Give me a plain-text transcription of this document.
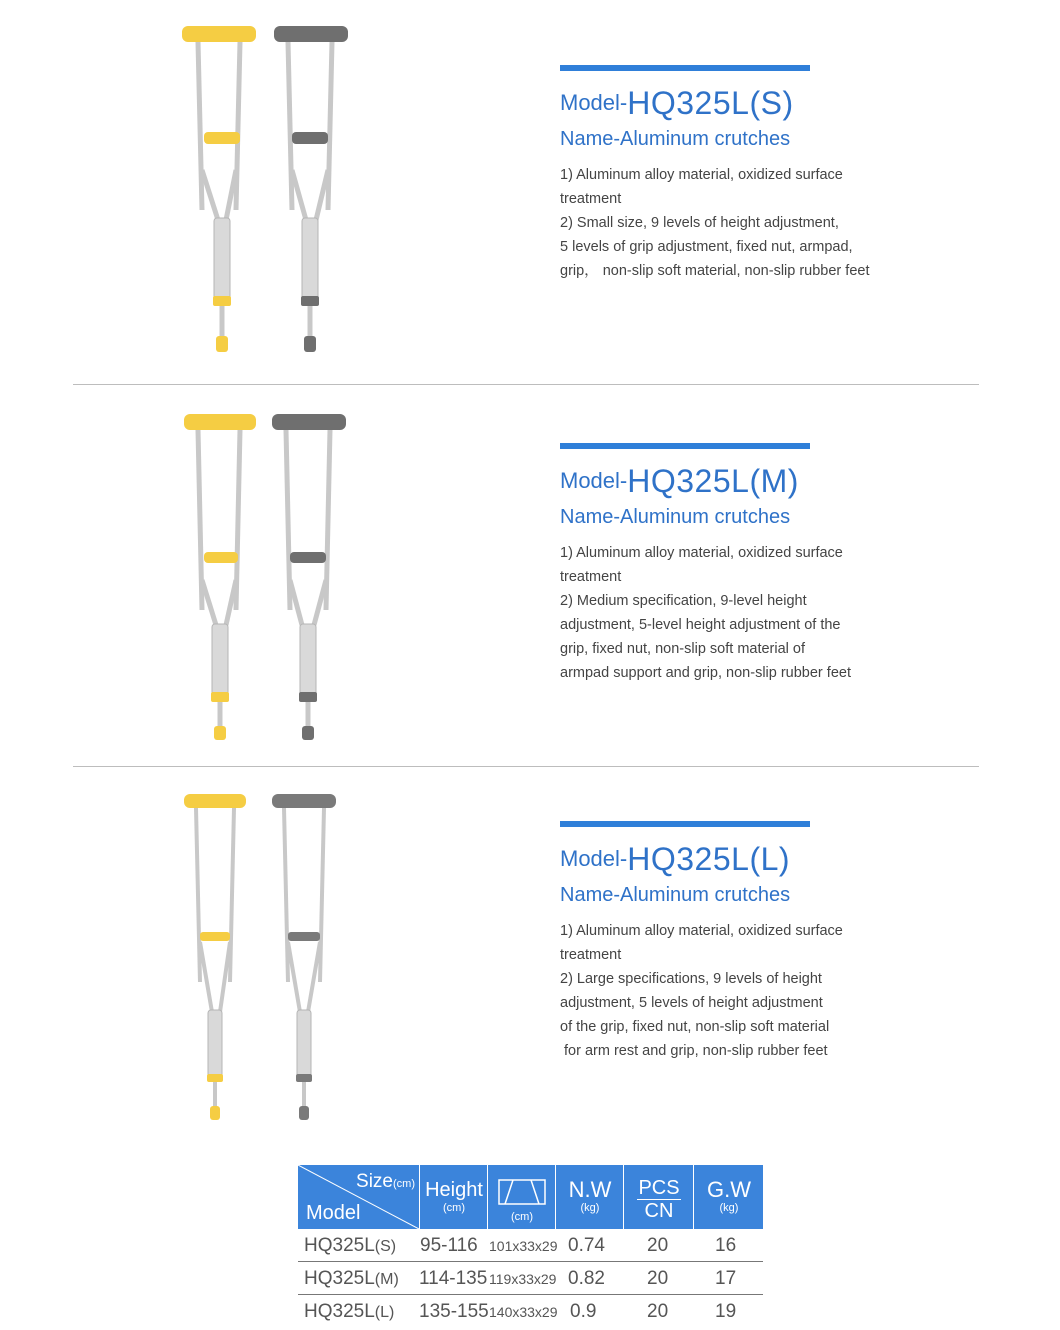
Model-HQ325L(S)
Name-Aluminum crutches
1) Aluminum alloy material, oxidized surface
treatment
2) Small size, 9 levels of height adjustment,
5 levels of grip adjustment, fixed nut, armpad,
grip， non-slip soft material, non-slip rubber feet
Model-HQ325L(M)
Name-Aluminum crutches
1) Aluminum alloy material, oxidized surface
treatment
2) Medium specification, 9-level height
adjustment, 5-level height adjustment of the
grip, fixed nut, non-slip soft material of
armpad support and grip, non-slip rubber feet
Model-HQ325L(L)
Name-Aluminum crutches
1) Aluminum alloy material, oxidized surface
treatment
2) Large specifications, 9 levels of height
adjustment, 5 levels of height adjustment
of the grip, fixed nut, non-slip soft material
for arm rest and grip, non-slip rubber feet
Size(cm)
Model
Height
(cm)
(cm)
N.W
(kg)
PCS
CN
G.W
(kg)
HQ325L(S) 95-116 101x33x29 0.74 20 16
HQ325L(M) 114-135 119x33x29 0.82 20 17
HQ325L(L) 135-155 140x33x29 0.9	20 19
